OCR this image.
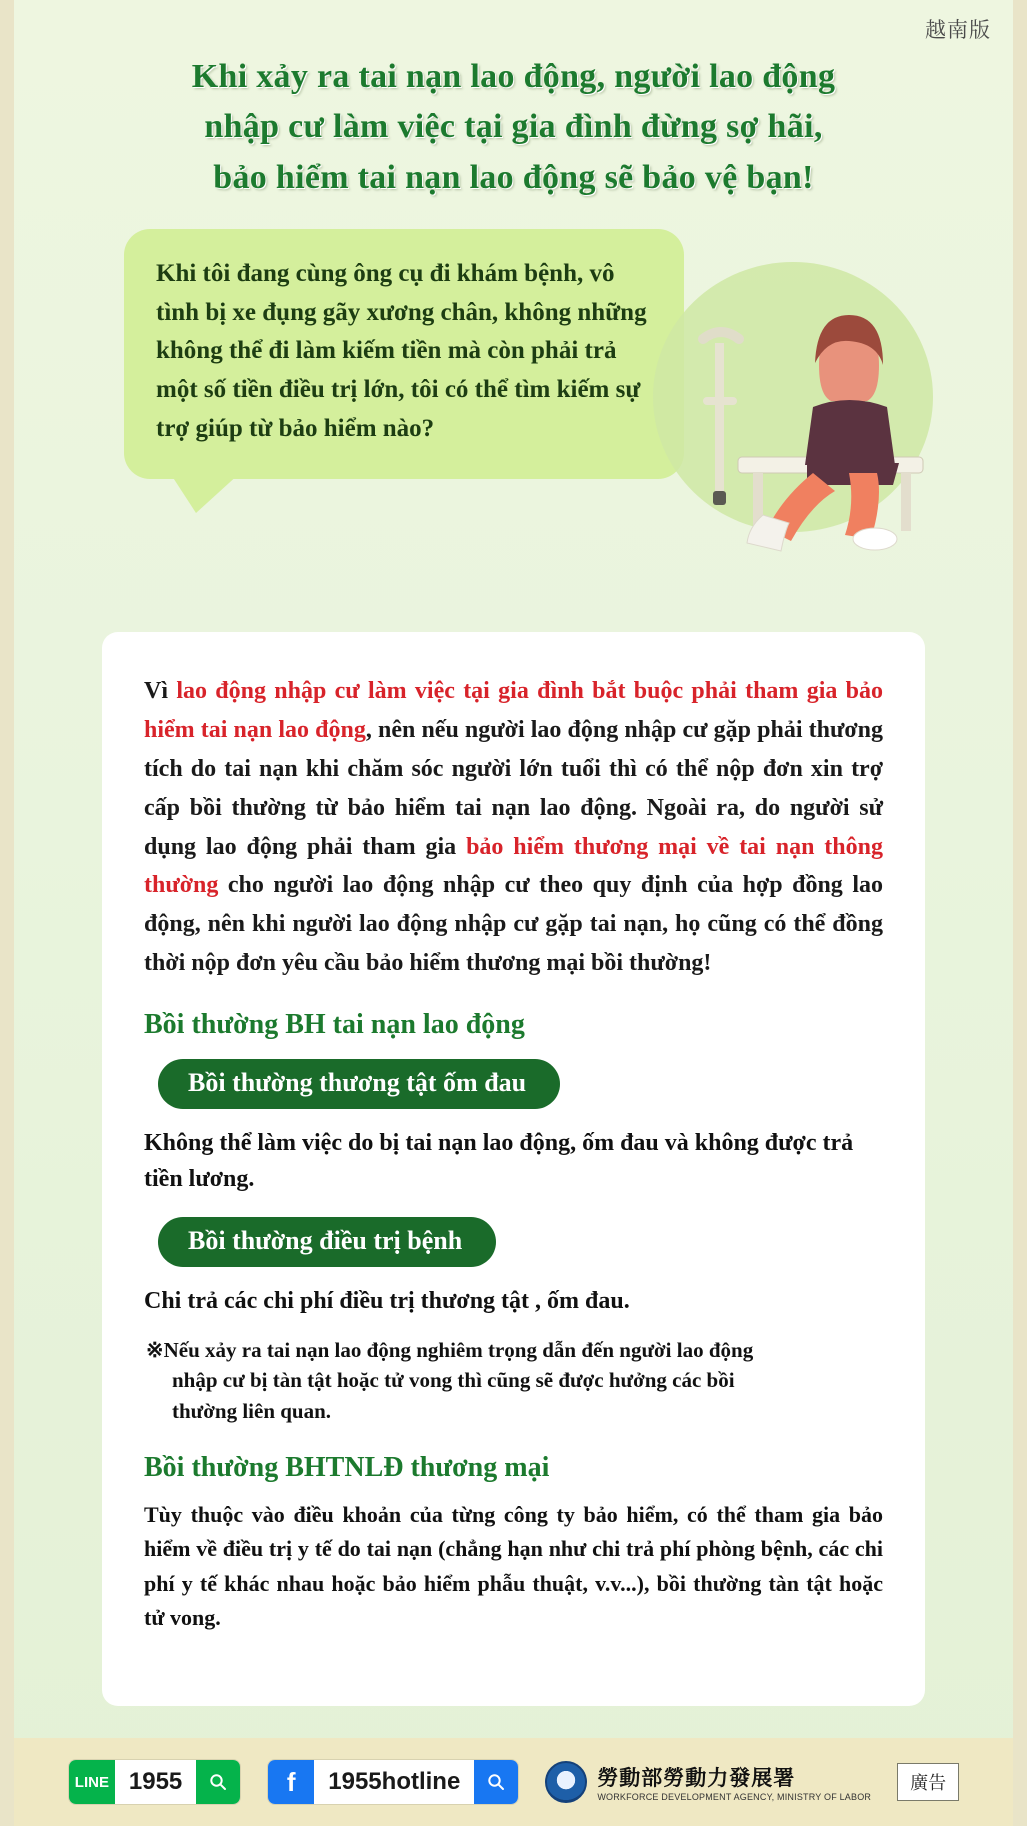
越南版
Khi xảy ra tai nạn lao động, người lao động
nhập cư làm việc tại gia đình đừng sợ hãi,
bảo hiểm tai nạn lao động sẽ bảo vệ bạn!
Khi tôi đang cùng ông cụ đi khám bệnh, vô tình bị xe đụng gãy xương chân, không những không thể đi làm kiếm tiền mà còn phải trả một số tiền điều trị lớn, tôi có thể tìm kiếm sự trợ giúp từ bảo hiểm nào?

Vì lao động nhập cư làm việc tại gia đình bắt buộc phải tham gia bảo hiểm tai nạn lao động, nên nếu người lao động nhập cư gặp phải thương tích do tai nạn khi chăm sóc người lớn tuổi thì có thể nộp đơn xin trợ cấp bồi thường từ bảo hiểm tai nạn lao động. Ngoài ra, do người sử dụng lao động phải tham gia bảo hiểm thương mại về tai nạn thông thường cho người lao động nhập cư theo quy định của hợp đồng lao động, nên khi người lao động nhập cư gặp tai nạn, họ cũng có thể đồng thời nộp đơn yêu cầu bảo hiểm thương mại bồi thường!

Bồi thường BH tai nạn lao động
Bồi thường thương tật ốm đau

Không thể làm việc do bị tai nạn lao động, ốm đau và không được trả tiền lương.

Bồi thường điều trị bệnh

Chi trả các chi phí điều trị thương tật , ốm đau.

※Nếu xảy ra tai nạn lao động nghiêm trọng dẫn đến người lao động
nhập cư bị tàn tật hoặc tử vong thì cũng sẽ được hưởng các bồi
thường liên quan.
Bồi thường BHTNLĐ thương mại

Tùy thuộc vào điều khoản của từng công ty bảo hiểm, có thể tham gia bảo hiểm về điều trị y tế do tai nạn (chẳng hạn như chi trả phí phòng bệnh, các chi phí y tế khác nhau hoặc bảo hiểm phẫu thuật, v.v...), bồi thường tàn tật hoặc tử vong.

LINE 1955	f	1955hotline	勞動部勞動力發展署
WORKFORCE DEVELOPMENT AGENCY, MINISTRY OF LABOR
廣告
